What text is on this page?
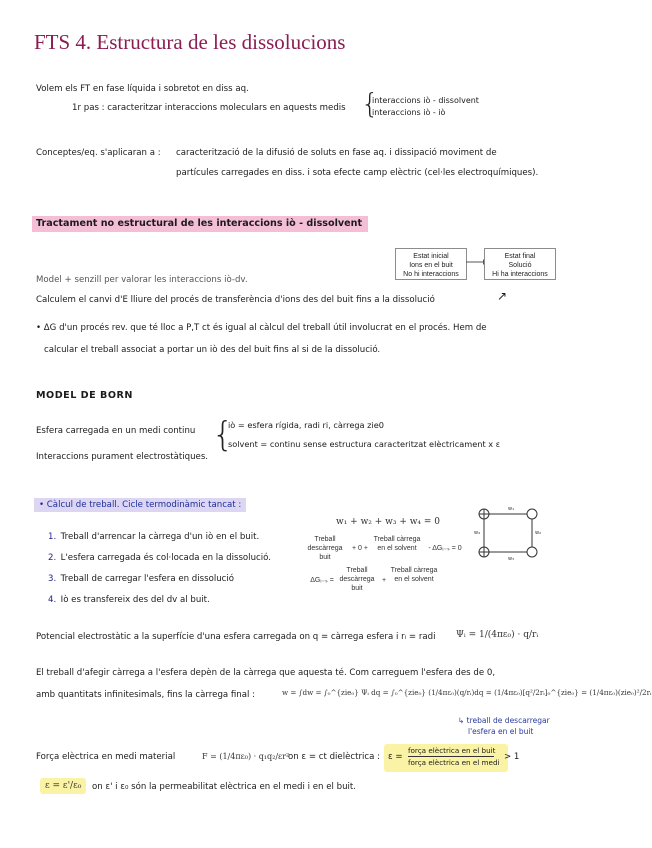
FTS 4. Estructura de les dissolucions
Volem els FT en fase líquida i sobretot en diss aq.
1r pas : caracteritzar interaccions moleculars en aquests medis {
interaccions iò - dissolvent
interaccions iò - iò
Conceptes/eq. s'aplicaran a : caracterització de la difusió de soluts en fase aq. i dissipació moviment de
partícules carregades en diss. i sota efecte camp elèctric (cel·les electroquímiques).
Tractament no estructural de les interaccions iò - dissolvent
Estat inicial
Ions en el buit
No hi interaccions
Estat final
Solució
Hi ha interaccions
Model + senzill per valorar les interaccions iò-dv.
Calculem el canvi d'E lliure del procés de transferència d'ions des del buit fins a la dissolució	↗
• ΔG d'un procés rev. que té lloc a P,T ct és igual al càlcul del treball útil involucrat en el procés. Hem de
calcular el treball associat a portar un iò des del buit fins al si de la dissolució.
MODEL DE BORN
Esfera carregada en un medi continu
Interaccions purament electrostàtiques.
{
iò = esfera rígida, radi ri, càrrega zie0
solvent = continu sense estructura caracteritzat elèctricament x ε
• Càlcul de treball. Cicle termodinàmic tancat :
1. Treball d'arrencar la càrrega d'un iò en el buit.
2. L'esfera carregada és col·locada en la dissolució.
3. Treball de carregar l'esfera en dissolució
4. Iò es transfereix des del dv al buit.
w₁ + w₂ + w₃ + w₄ = 0
Treball descàrrega buit
+ 0 +
Treball càrrega en el solvent	- ΔGᵢ₋ₛ = 0
ΔGᵢ₋ₛ =
Treball descàrrega buit
+
Treball càrrega en el solvent
w₁
w₂
w₃
w₄
Potencial electrostàtic a la superfície d'una esfera carregada on q = càrrega esfera i rᵢ = radi Ψᵢ = 1/(4πε₀) · q/rᵢ
El treball d'afegir càrrega a l'esfera depèn de la càrrega que aquesta té. Com carreguem l'esfera des de 0,
amb quantitats infinitesimals, fins la càrrega final :	w = ∫dw = ∫₀^{zie₀} Ψᵢ dq = ∫₀^{zie₀} (1/4πε₀)(q/rᵢ)dq = (1/4πε₀)[q²/2rᵢ]₀^{zie₀} = (1/4πε₀)(zie₀)²/2rᵢ
↳ treball de descarregar
l'esfera en el buit
Força elèctrica en medi material	F = (1/4πε₀) · q₁q₂/εr²
on ε = ct dielèctrica : ε =
força elèctrica en el buit
força elèctrica en el medi
> 1
ε = ε'/ε₀	on ε' i ε₀ són la permeabilitat elèctrica en el medi i en el buit.
